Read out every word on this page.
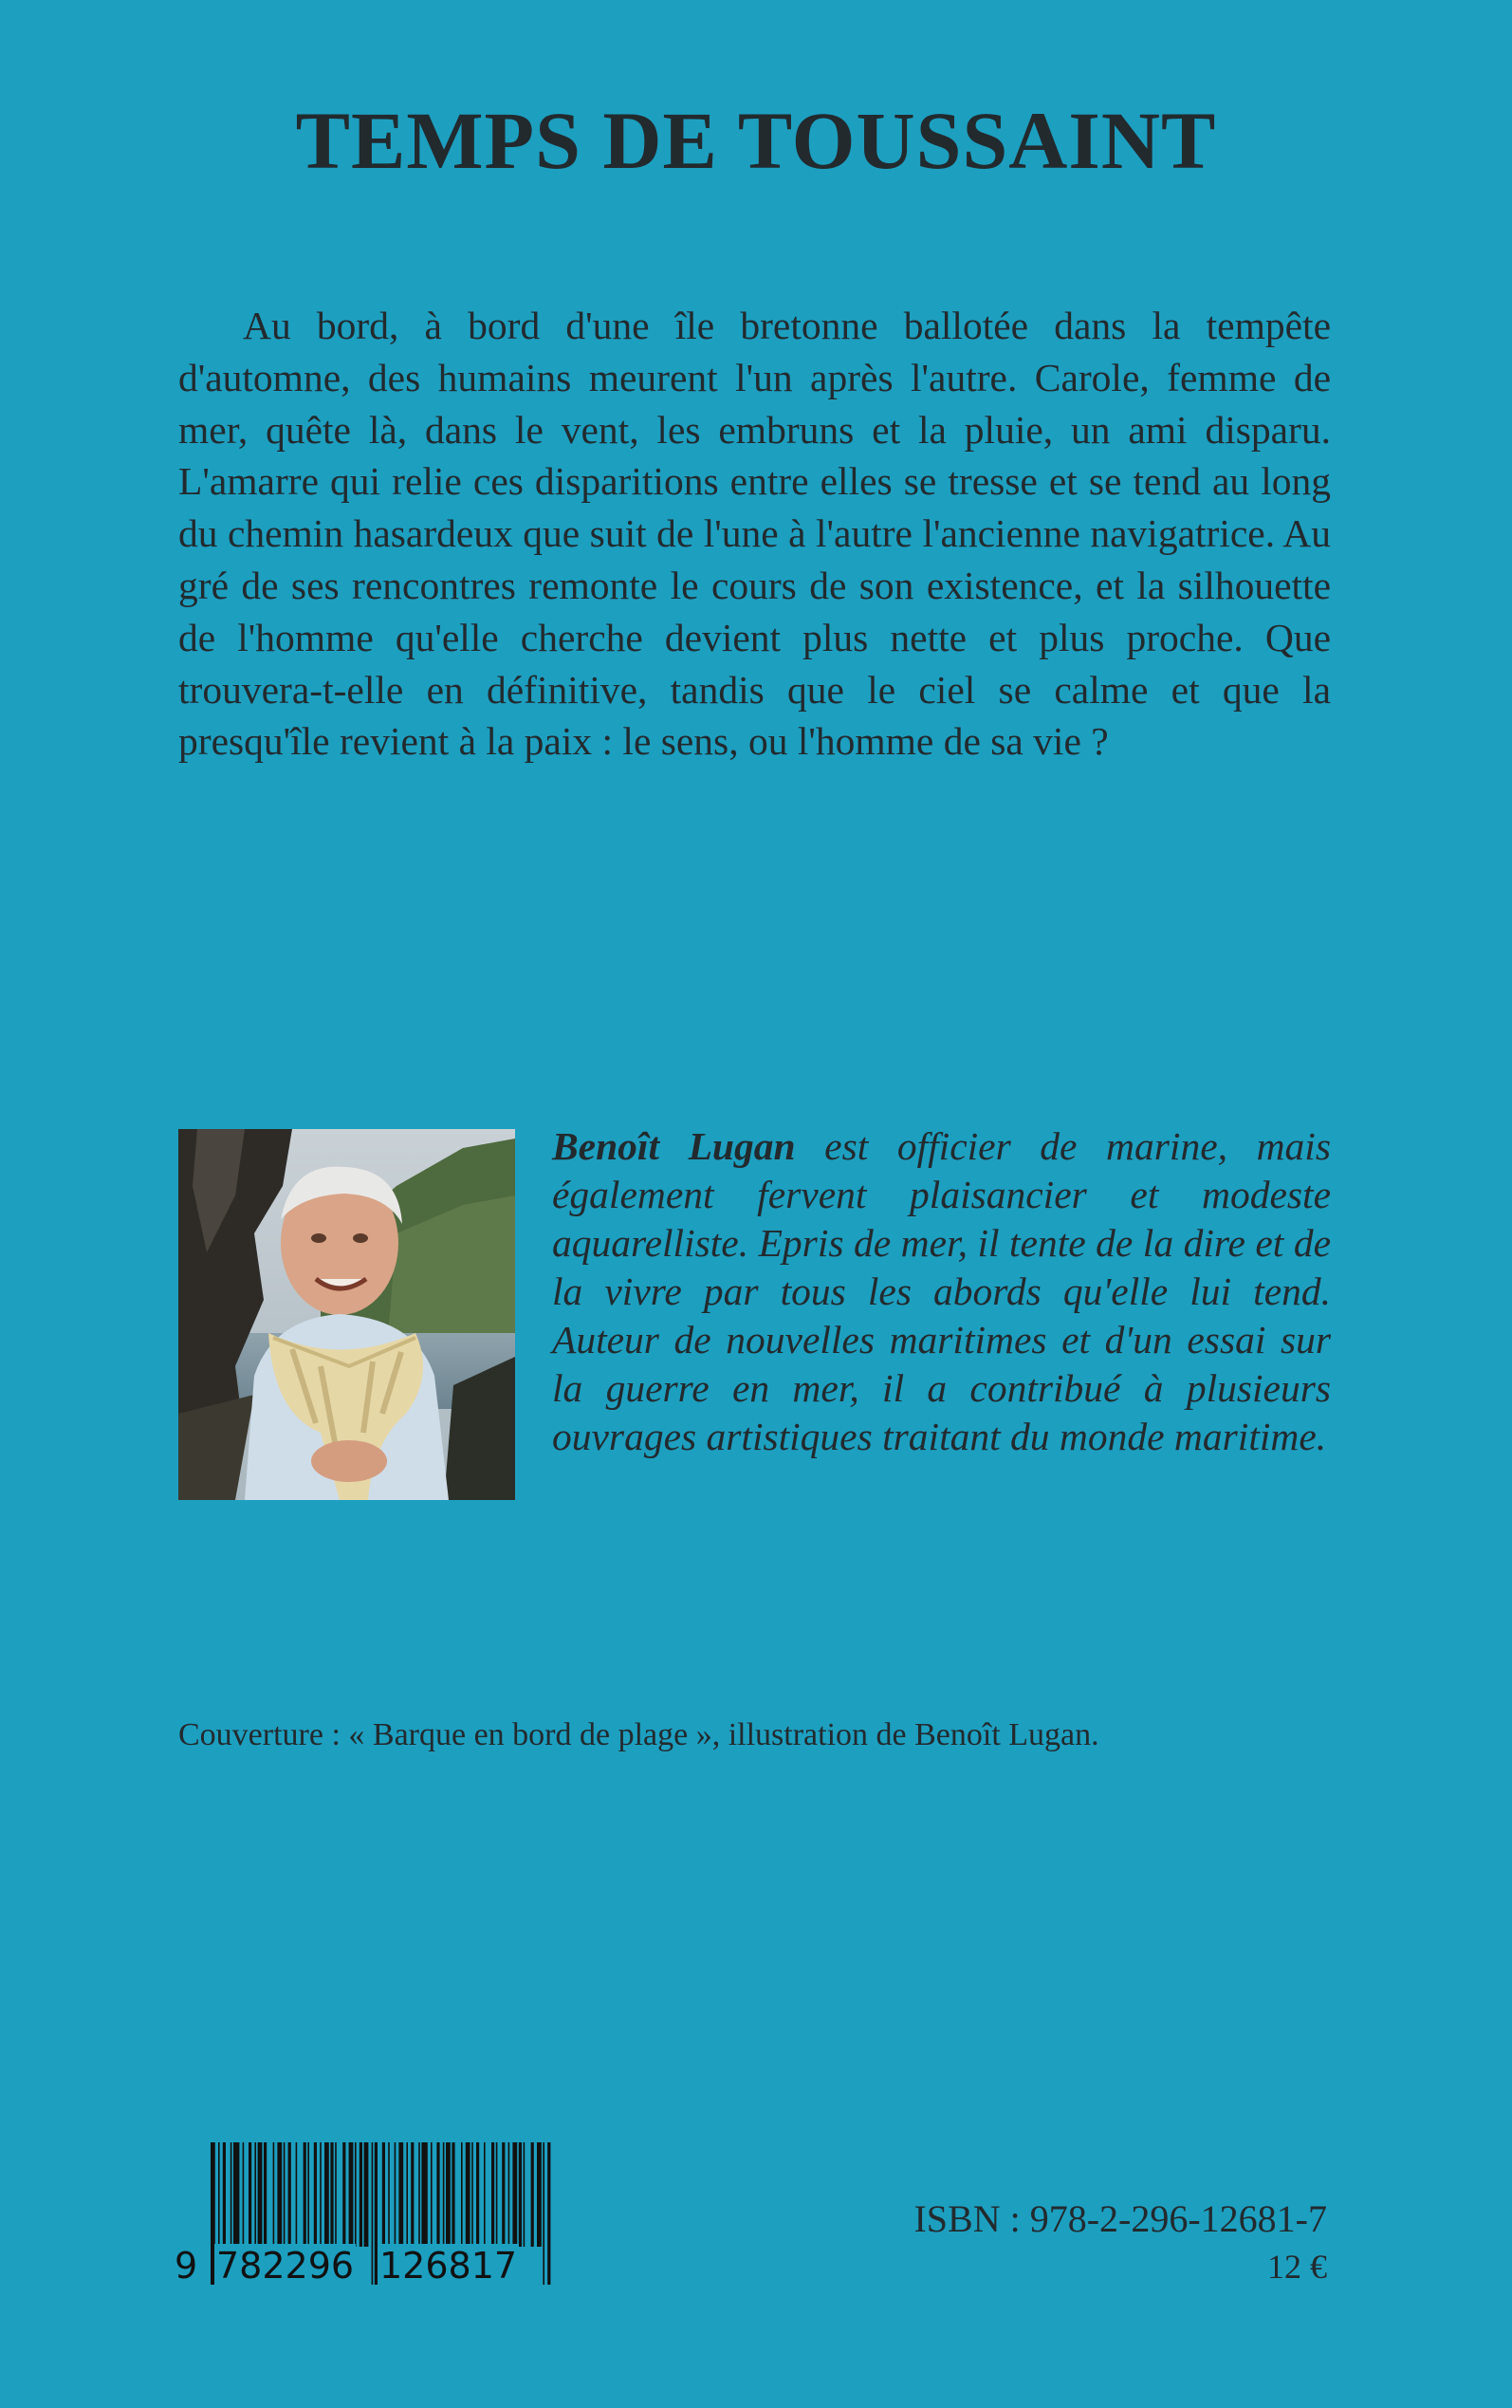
TEMPS DE TOUSSAINT

Au bord, à bord d'une île bretonne ballotée dans la tempête d'automne, des humains meurent l'un après l'autre. Carole, femme de mer, quête là, dans le vent, les embruns et la pluie, un ami disparu. L'amarre qui relie ces disparitions entre elles se tresse et se tend au long du chemin hasardeux que suit de l'une à l'autre l'ancienne navigatrice. Au gré de ses rencontres remonte le cours de son existence, et la silhouette de l'homme qu'elle cherche devient plus nette et plus proche. Que trouvera-t-elle en définitive, tandis que le ciel se calme et que la presqu'île revient à la paix : le sens, ou l'homme de sa vie ?

Benoît Lugan est officier de marine, mais également fervent plaisancier et modeste aquarelliste. Epris de mer, il tente de la dire et de la vivre par tous les abords qu'elle lui tend. Auteur de nouvelles maritimes et d'un essai sur la guerre en mer, il a contribué à plusieurs ouvrages artistiques traitant du monde maritime.

Couverture : « Barque en bord de plage », illustration de Benoît Lugan.

9 782296 126817

ISBN : 978-2-296-12681-7

12 €
